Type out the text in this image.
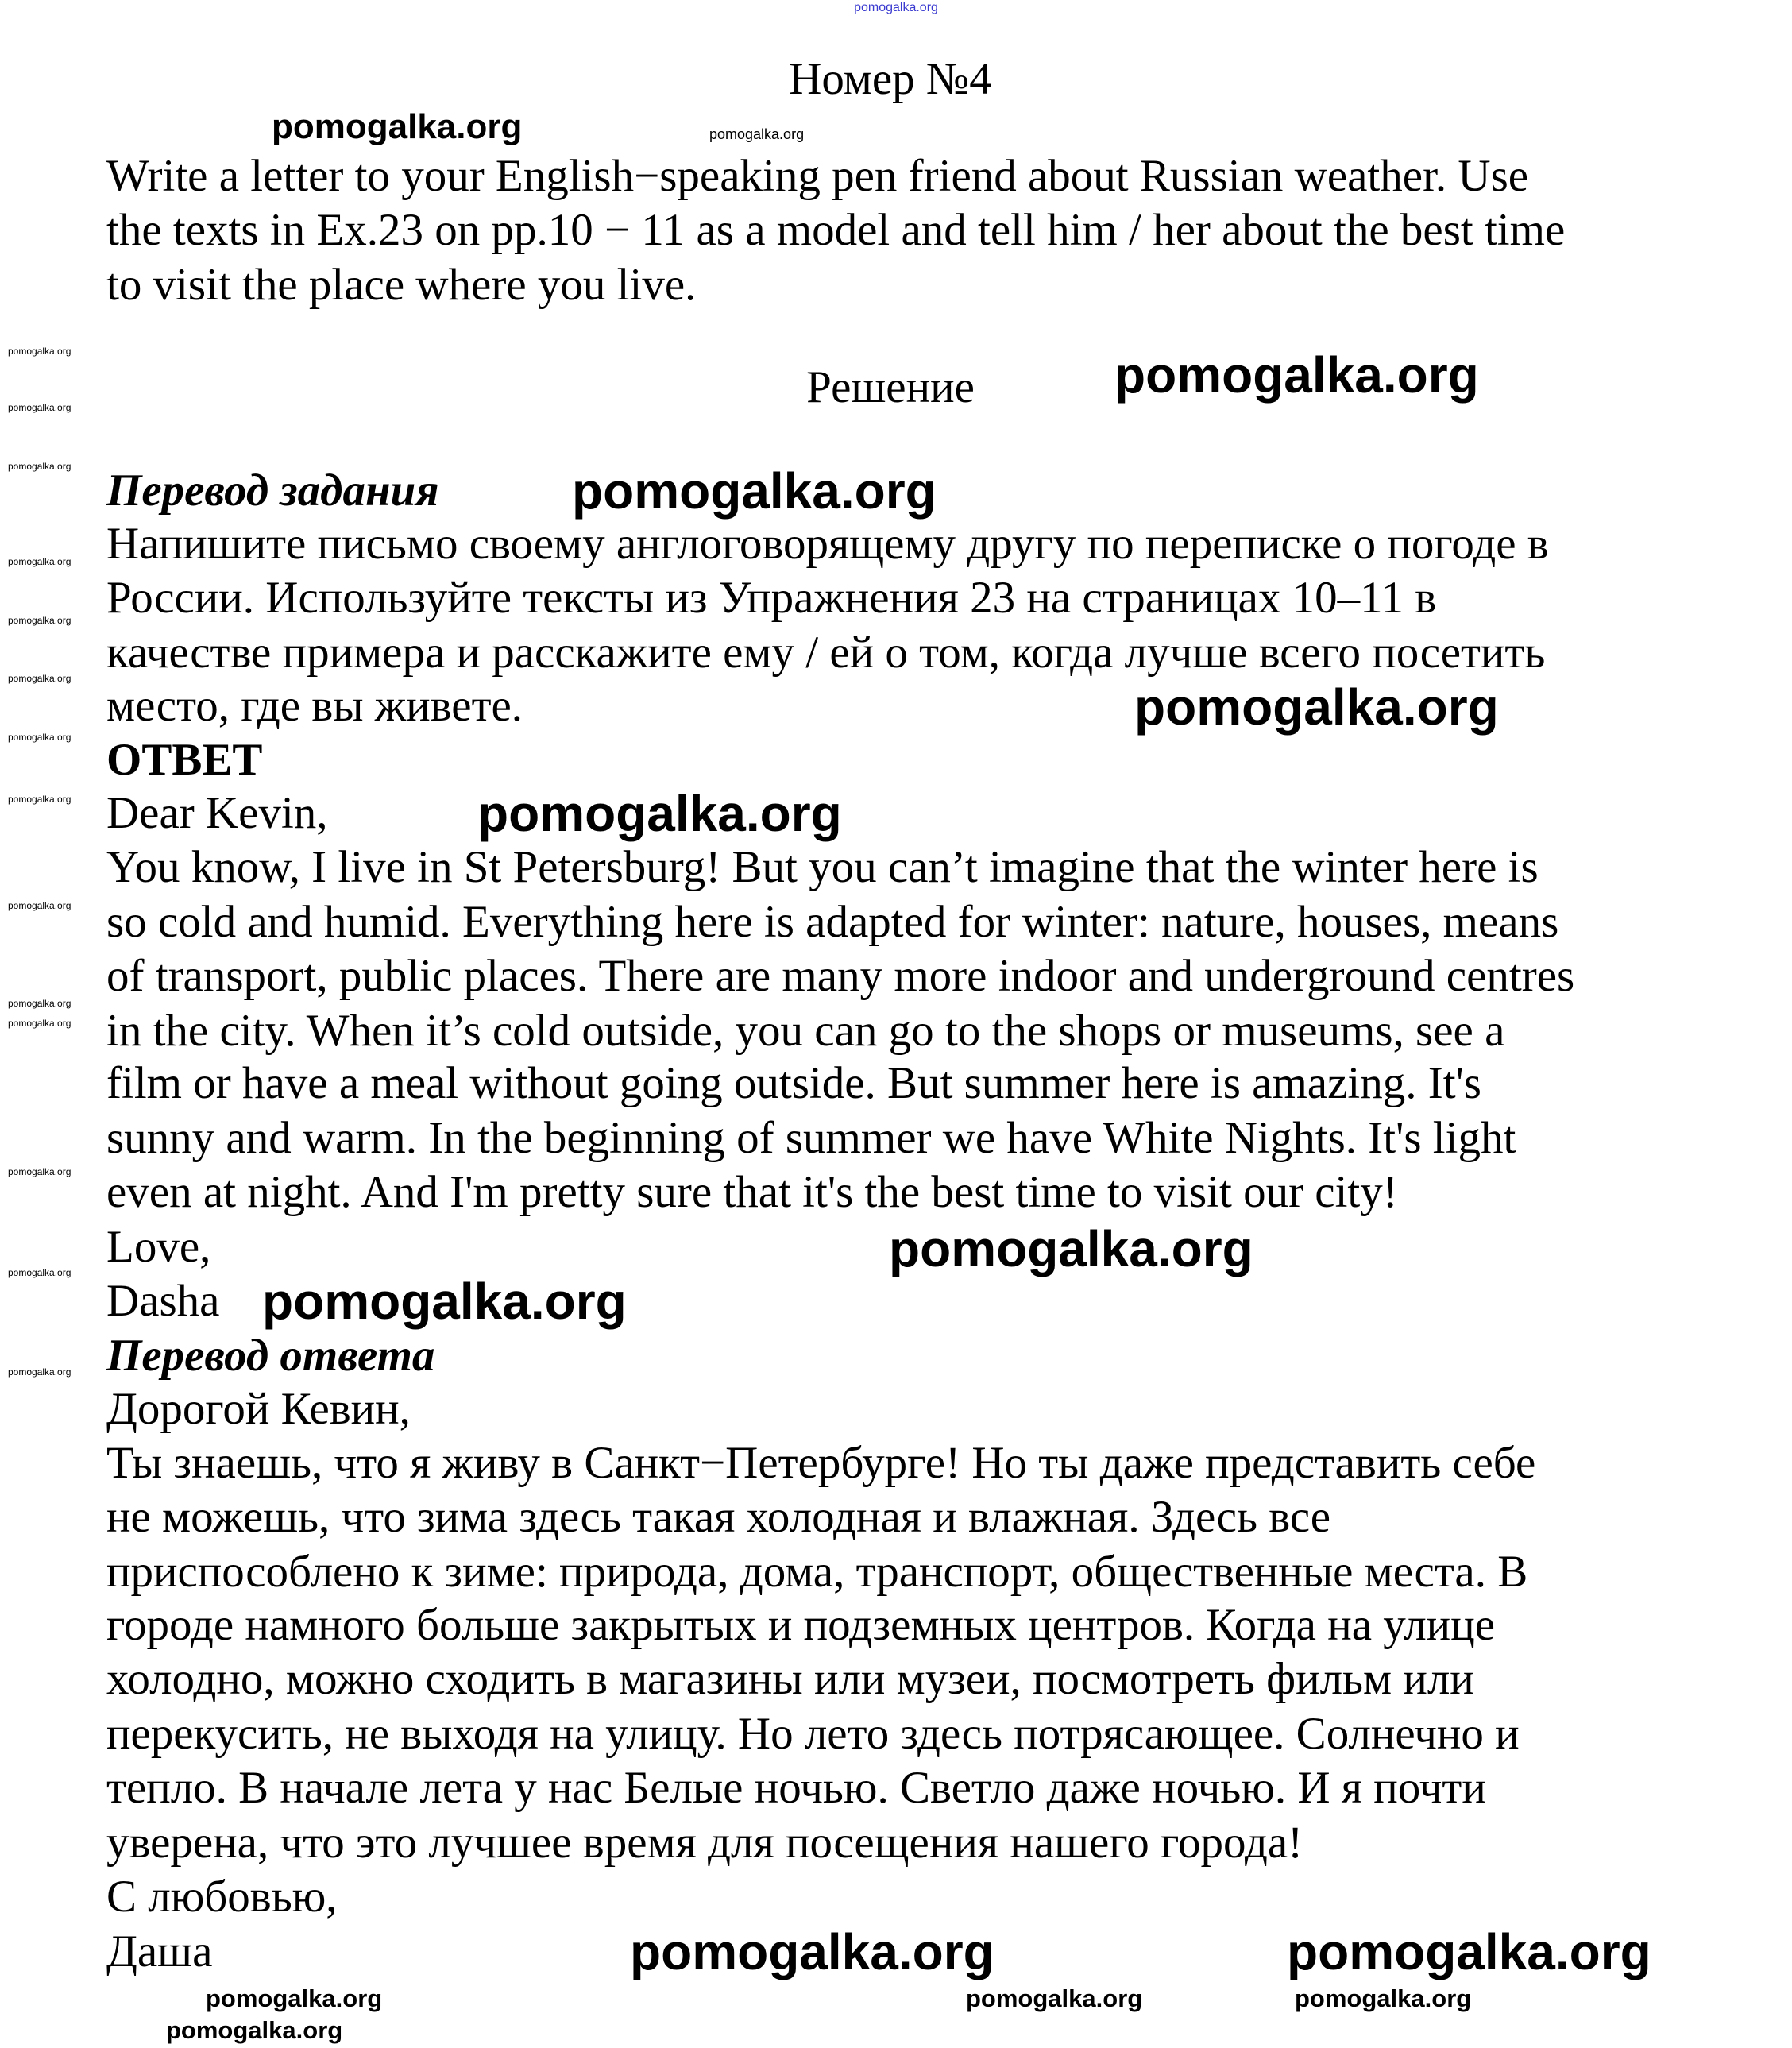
pomogalka.org
Номер №4
Write a letter to your English−speaking pen friend about Russian weather. Use
the texts in Ex.23 on pp.10 − 11 as a model and tell him / her about the best time
to visit the place where you live.
Решение
Перевод задания
Напишите письмо своему англоговорящему другу по переписке о погоде в
России. Используйте тексты из Упражнения 23 на страницах 10–11 в
качестве примера и расскажите ему / ей о том, когда лучше всего посетить
место, где вы живете.
ОТВЕТ
Dear Kevin,
You know, I live in St Petersburg! But you can’t imagine that the winter here is
so cold and humid. Everything here is adapted for winter: nature, houses, means
of transport, public places. There are many more indoor and underground centres
in the city. When it’s cold outside, you can go to the shops or museums, see a
film or have a meal without going outside. But summer here is amazing. It's
sunny and warm. In the beginning of summer we have White Nights. It's light
even at night. And I'm pretty sure that it's the best time to visit our city!
Love,
Dasha
Перевод ответа
Дорогой Кевин,
Ты знаешь, что я живу в Санкт−Петербурге! Но ты даже представить себе
не можешь, что зима здесь такая холодная и влажная. Здесь все
приспособлено к зиме: природа, дома, транспорт, общественные места. В
городе намного больше закрытых и подземных центров. Когда на улице
холодно, можно сходить в магазины или музеи, посмотреть фильм или
перекусить, не выходя на улицу. Но лето здесь потрясающее. Солнечно и
тепло. В начале лета у нас Белые ночью. Светло даже ночью. И я почти
уверена, что это лучшее время для посещения нашего города!
С любовью,
Даша
pomogalka.org	pomogalka.org
pomogalka.org
pomogalka.org
pomogalka.org
pomogalka.org
pomogalka.org
pomogalka.org
pomogalka.org
pomogalka.org
pomogalka.org
pomogalka.org
pomogalka.org	pomogalka.org
pomogalka.org
pomogalka.org
pomogalka.org
pomogalka.org
pomogalka.org
pomogalka.org
pomogalka.org
pomogalka.org
pomogalka.org	pomogalka.org
pomogalka.org
pomogalka.org
pomogalka.org	pomogalka.org
